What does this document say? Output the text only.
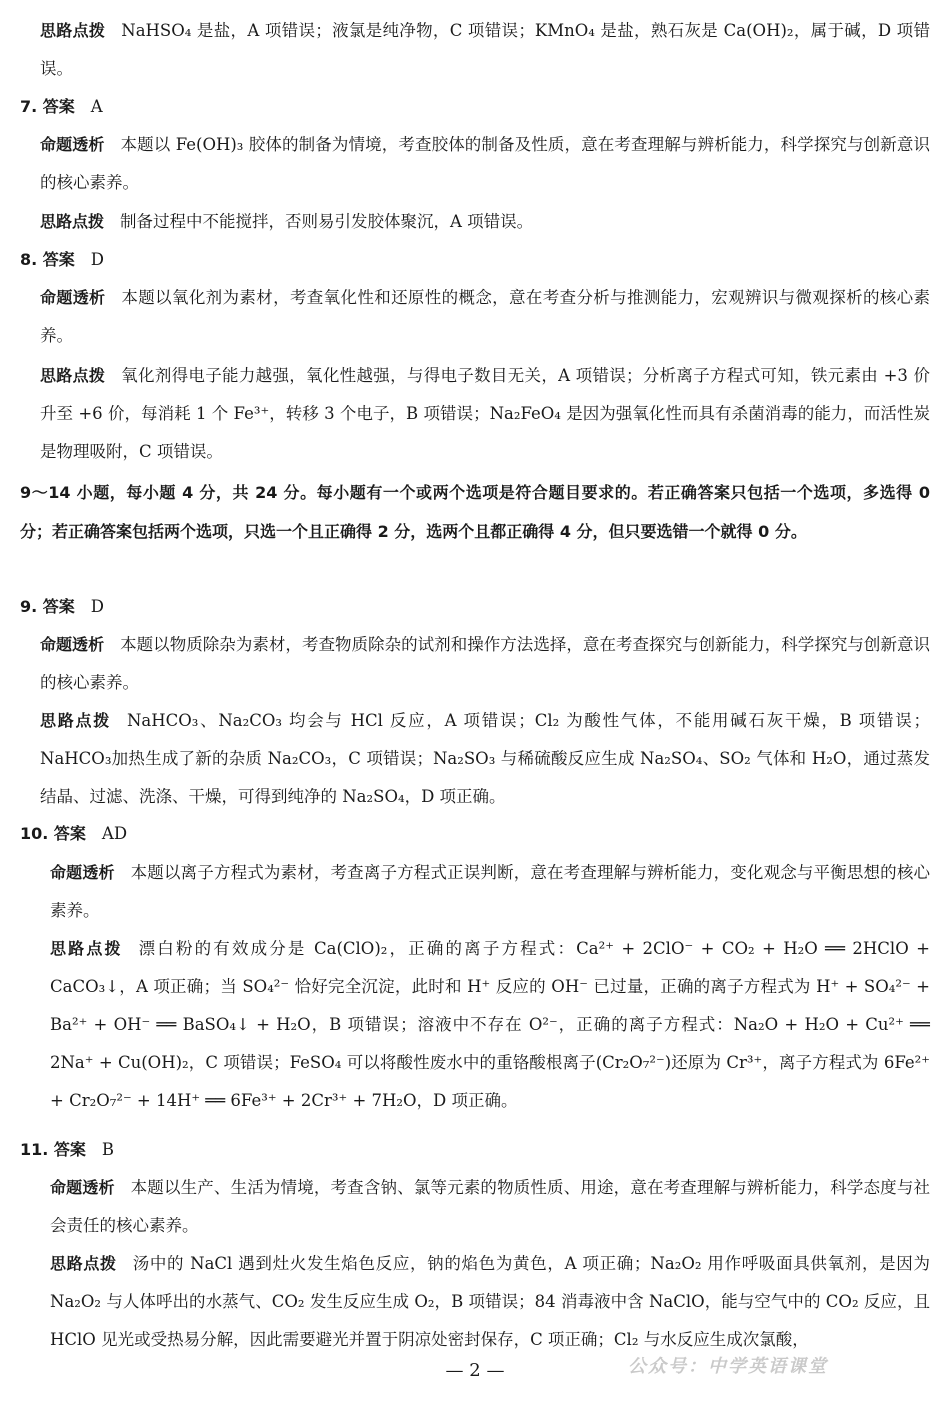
思路点拨 NaHSO₄ 是盐，A 项错误；液氯是纯净物，C 项错误；KMnO₄ 是盐，熟石灰是 Ca(OH)₂，属于碱，D 项错误。

7. 答案 A

命题透析 本题以 Fe(OH)₃ 胶体的制备为情境，考查胶体的制备及性质，意在考查理解与辨析能力，科学探究与创新意识的核心素养。

思路点拨 制备过程中不能搅拌，否则易引发胶体聚沉，A 项错误。

8. 答案 D

命题透析 本题以氧化剂为素材，考查氧化性和还原性的概念，意在考查分析与推测能力，宏观辨识与微观探析的核心素养。

思路点拨 氧化剂得电子能力越强，氧化性越强，与得电子数目无关，A 项错误；分析离子方程式可知，铁元素由 +3 价升至 +6 价，每消耗 1 个 Fe³⁺，转移 3 个电子，B 项错误；Na₂FeO₄ 是因为强氧化性而具有杀菌消毒的能力，而活性炭是物理吸附，C 项错误。

9～14 小题，每小题 4 分，共 24 分。每小题有一个或两个选项是符合题目要求的。若正确答案只包括一个选项，多选得 0 分；若正确答案包括两个选项，只选一个且正确得 2 分，选两个且都正确得 4 分，但只要选错一个就得 0 分。

9. 答案 D

命题透析 本题以物质除杂为素材，考查物质除杂的试剂和操作方法选择，意在考查探究与创新能力，科学探究与创新意识的核心素养。

思路点拨 NaHCO₃、Na₂CO₃ 均会与 HCl 反应，A 项错误；Cl₂ 为酸性气体，不能用碱石灰干燥，B 项错误；NaHCO₃加热生成了新的杂质 Na₂CO₃，C 项错误；Na₂SO₃ 与稀硫酸反应生成 Na₂SO₄、SO₂ 气体和 H₂O，通过蒸发结晶、过滤、洗涤、干燥，可得到纯净的 Na₂SO₄，D 项正确。

10. 答案 AD

命题透析 本题以离子方程式为素材，考查离子方程式正误判断，意在考查理解与辨析能力，变化观念与平衡思想的核心素养。

思路点拨 漂白粉的有效成分是 Ca(ClO)₂，正确的离子方程式：Ca²⁺ + 2ClO⁻ + CO₂ + H₂O ══ 2HClO + CaCO₃↓，A 项正确；当 SO₄²⁻ 恰好完全沉淀，此时和 H⁺ 反应的 OH⁻ 已过量，正确的离子方程式为 H⁺ + SO₄²⁻ + Ba²⁺ + OH⁻ ══ BaSO₄↓ + H₂O，B 项错误；溶液中不存在 O²⁻，正确的离子方程式：Na₂O + H₂O + Cu²⁺ ══ 2Na⁺ + Cu(OH)₂，C 项错误；FeSO₄ 可以将酸性废水中的重铬酸根离子(Cr₂O₇²⁻)还原为 Cr³⁺，离子方程式为 6Fe²⁺ + Cr₂O₇²⁻ + 14H⁺ ══ 6Fe³⁺ + 2Cr³⁺ + 7H₂O，D 项正确。

11. 答案 B

命题透析 本题以生产、生活为情境，考查含钠、氯等元素的物质性质、用途，意在考查理解与辨析能力，科学态度与社会责任的核心素养。

思路点拨 汤中的 NaCl 遇到灶火发生焰色反应，钠的焰色为黄色，A 项正确；Na₂O₂ 用作呼吸面具供氧剂，是因为 Na₂O₂ 与人体呼出的水蒸气、CO₂ 发生反应生成 O₂，B 项错误；84 消毒液中含 NaClO，能与空气中的 CO₂ 反应，且 HClO 见光或受热易分解，因此需要避光并置于阴凉处密封保存，C 项正确；Cl₂ 与水反应生成次氯酸，

— 2 —	公众号：中学英语课堂
